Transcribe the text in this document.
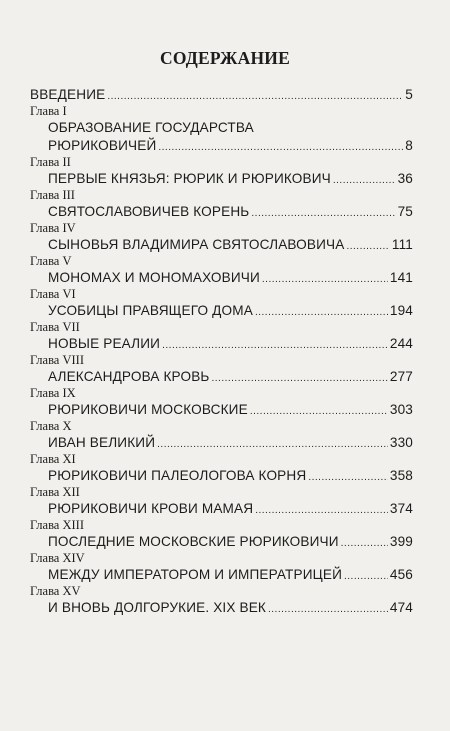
СОДЕРЖАНИЕ
ВВЕДЕНИЕ .....	5
Глава I
ОБРАЗОВАНИЕ ГОСУДАРСТВА
РЮРИКОВИЧЕЙ .....	8
Глава II
ПЕРВЫЕ КНЯЗЬЯ: РЮРИК И РЮРИКОВИЧ .....	36
Глава III
СВЯТОСЛАВОВИЧЕВ КОРЕНЬ .....	75
Глава IV
СЫНОВЬЯ ВЛАДИМИРА СВЯТОСЛАВОВИЧА .....	111
Глава V
МОНОМАХ И МОНОМАХОВИЧИ .....	141
Глава VI
УСОБИЦЫ ПРАВЯЩЕГО ДОМА .....	194
Глава VII
НОВЫЕ РЕАЛИИ .....	244
Глава VIII
АЛЕКСАНДРОВА КРОВЬ .....	277
Глава IX
РЮРИКОВИЧИ МОСКОВСКИЕ .....	303
Глава X
ИВАН ВЕЛИКИЙ .....	330
Глава XI
РЮРИКОВИЧИ ПАЛЕОЛОГОВА КОРНЯ .....	358
Глава XII
РЮРИКОВИЧИ КРОВИ МАМАЯ .....	374
Глава XIII
ПОСЛЕДНИЕ МОСКОВСКИЕ РЮРИКОВИЧИ .....	399
Глава XIV
МЕЖДУ ИМПЕРАТОРОМ И ИМПЕРАТРИЦЕЙ .....	456
Глава XV
И ВНОВЬ ДОЛГОРУКИЕ. XIX ВЕК .....	474
